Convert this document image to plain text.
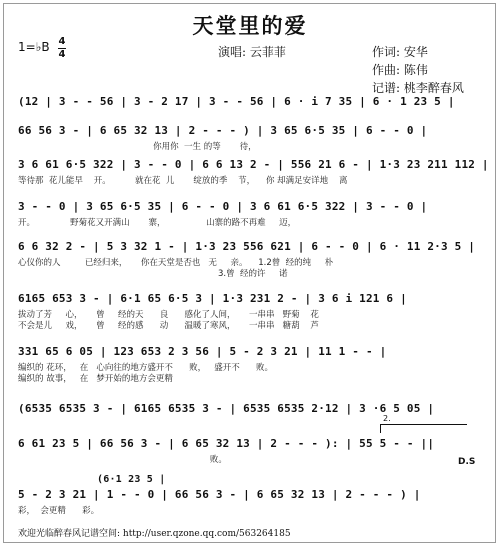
天堂里的爱
1=♭B 4
4	演唱: 云菲菲	作词: 安华
作曲: 陈伟
记谱: 桃李醉春风
(12 | 3 - - 56 | 3 - 2 17 | 3 - - 56 | 6 · i 7 35 | 6 · 1 23 5 |
66 56 3 - | 6 65 32 13 | 2 - - - ) | 3 65 6·5 35 | 6 - - 0 |
你用你  一生 的等       待，
3 6 61 6·5 322 | 3 - - 0 | 6 6 13 2 - | 556 21 6 - | 1·3 23 211 112 |
等待那  花儿能早    开。         就在花  儿       绽放的季    节，    你 却满足安详地    离
3 - - 0 | 3 65 6·5 35 | 6 - - 0 | 3 6 61 6·5 322 | 3 - - 0 |
开。             野菊花又开满山       寨，               山寨的路不再难     迈，
6 6 32 2 - | 5 3 32 1 - | 1·3 23 556 621 | 6 - - 0 | 6 · 11 2·3 5 |
心仪你的人         已经归来，     你在天堂是否也   无     亲。    1.2曾  经的纯     朴
3.曾  经的许     诺
6165 653 3 - | 6·1 65 6·5 3 | 1·3 231 2 - | 3 6 i 121 6 |
拔动了芳     心，     曾     经的天      良      感化了人间，     一串串   野菊    花
不会是儿     戏，     曾     经的感      动      温暖了寒风，     一串串   糖葫    芦
331 65 6 05 | 123 653 2 3 56 | 5 - 2 3 21 | 11 1 - - |
编织的 花环，   在   心向往的地方盛开不      败，   盛开不      败。
编织的 故事，   在   梦开始的地方会更精
(6535 6535 3 - | 6165 6535 3 - | 6535 6535 2·12 | 3 ·6 5 05 |
6 61 23 5 | 66 56 3 - | 6 65 32 13 | 2 - - - ): | 55 5 - - ||
败。
5 - 2 3 21 | 1 - - 0 | 66 56 3 - | 6 65 32 13 | 2 - - - ) |
彩，  会更精      彩。
(6·1 23 5 |
2.
D.S
欢迎光临醉春风记谱空间: http://user.qzone.qq.com/563264185
